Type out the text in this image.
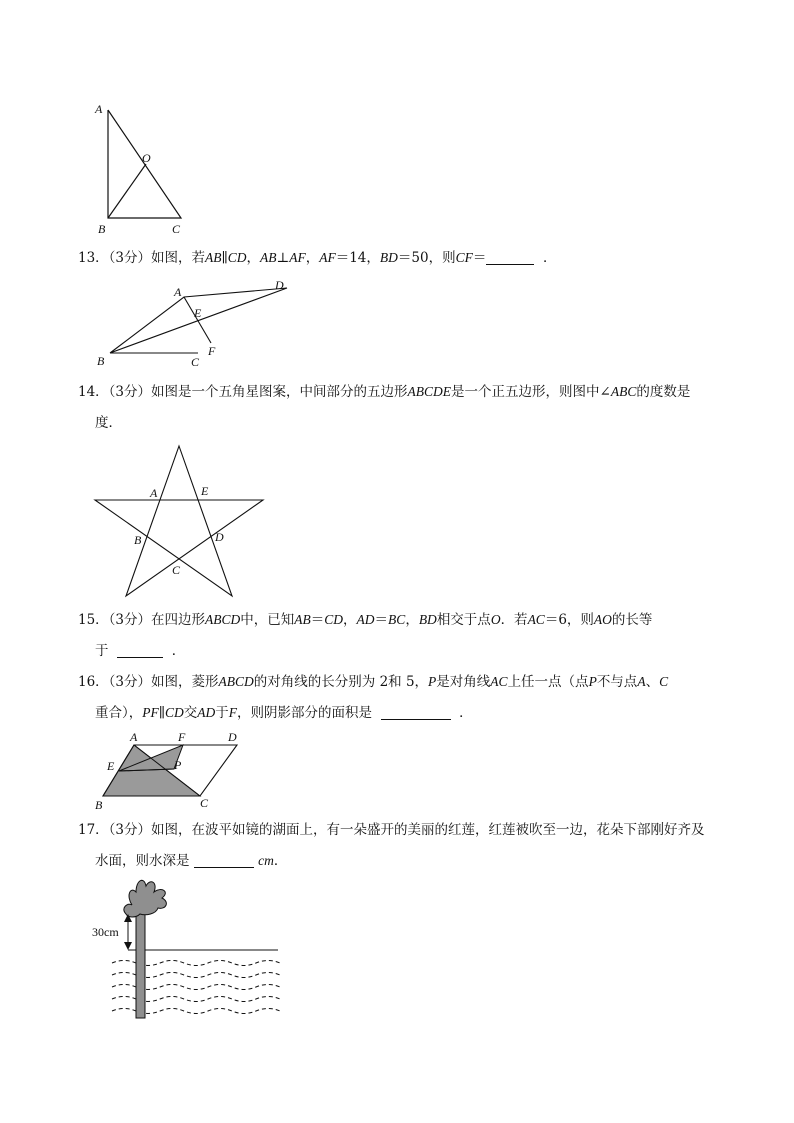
A
O
B	C
13．（3分）如图，若AB∥CD，AB⊥AF，AF＝14，BD＝50，则CF＝	．
A	D
E
B	C
F
14．（3分）如图是一个五角星图案，中间部分的五边形ABCDE是一个正五边形，则图中∠ABC的度数是
度．
A	E
B	D
C
15．（3分）在四边形ABCD中，已知AB＝CD，AD＝BC，BD相交于点O．若AC＝6，则AO的长等
于	．
16．（3分）如图，菱形ABCD的对角线的长分别为 2和 5，P是对角线AC上任一点（点P不与点A、C
重合），PF∥CD交AD于F，则阴影部分的面积是	．
A	F	D
E	P
B	C
17．（3分）如图，在波平如镜的湖面上，有一朵盛开的美丽的红莲，红莲被吹至一边，花朵下部刚好齐及
水面，则水深是	cm．
30cm
